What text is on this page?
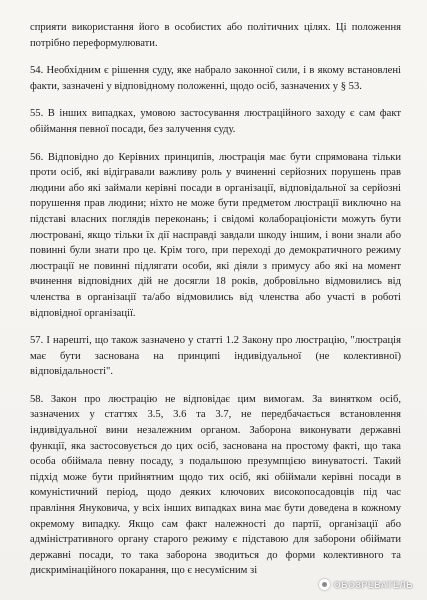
сприяти використання його в особистих або політичних цілях. Ці положення потрібно переформулювати.

54. Необхідним є рішення суду, яке набрало законної сили, і в якому встановлені факти, зазначені у відповідному положенні, щодо осіб, зазначених у § 53.

55. В інших випадках, умовою застосування люстраційного заходу є сам факт обіймання певної посади, без залучення суду.

56. Відповідно до Керівних принципів, люстрація має бути спрямована тільки проти осіб, які відігравали важливу роль у вчиненні серйозних порушень прав людини або які займали керівні посади в організації, відповідальної за серйозні порушення прав людини; ніхто не може бути предметом люстрації виключно на підставі власних поглядів переконань; і свідомі колабораціоністи можуть бути люстровані, якщо тільки їх дії насправді завдали шкоду іншим, і вони знали або повинні були знати про це. Крім того, при переході до демократичного режиму люстрації не повинні підлягати особи, які діяли з примусу або які на момент вчинення відповідних дій не досягли 18 років, добровільно відмовились від членства в організації та/або відмовились від членства або участі в роботі відповідної організації.

57. І нарешті, що також зазначено у статті 1.2 Закону про люстрацію, "люстрація має бути заснована на принципі індивідуальної (не колективної) відповідальності".

58. Закон про люстрацію не відповідає цим вимогам. За винятком осіб, зазначених у статтях 3.5, 3.6 та 3.7, не передбачається встановлення індивідуальної вини незалежним органом. Заборона виконувати державні функції, яка застосовується до цих осіб, заснована на простому факті, що така особа обіймала певну посаду, з подальшою презумпцією винуватості. Такий підхід може бути прийнятним щодо тих осіб, які обіймали керівні посади в комуністичний період, щодо деяких ключових високопосадовців під час правління Януковича, у всіх інших випадках вина має бути доведена в кожному окремому випадку. Якщо сам факт належності до партії, організації або адміністративного органу старого режиму є підставою для заборони обіймати державні посади, то така заборона зводиться до форми колективного та дискримінаційного покарання, що є несумісним зі

ОБОЗРЕВАТЕЛЬ
